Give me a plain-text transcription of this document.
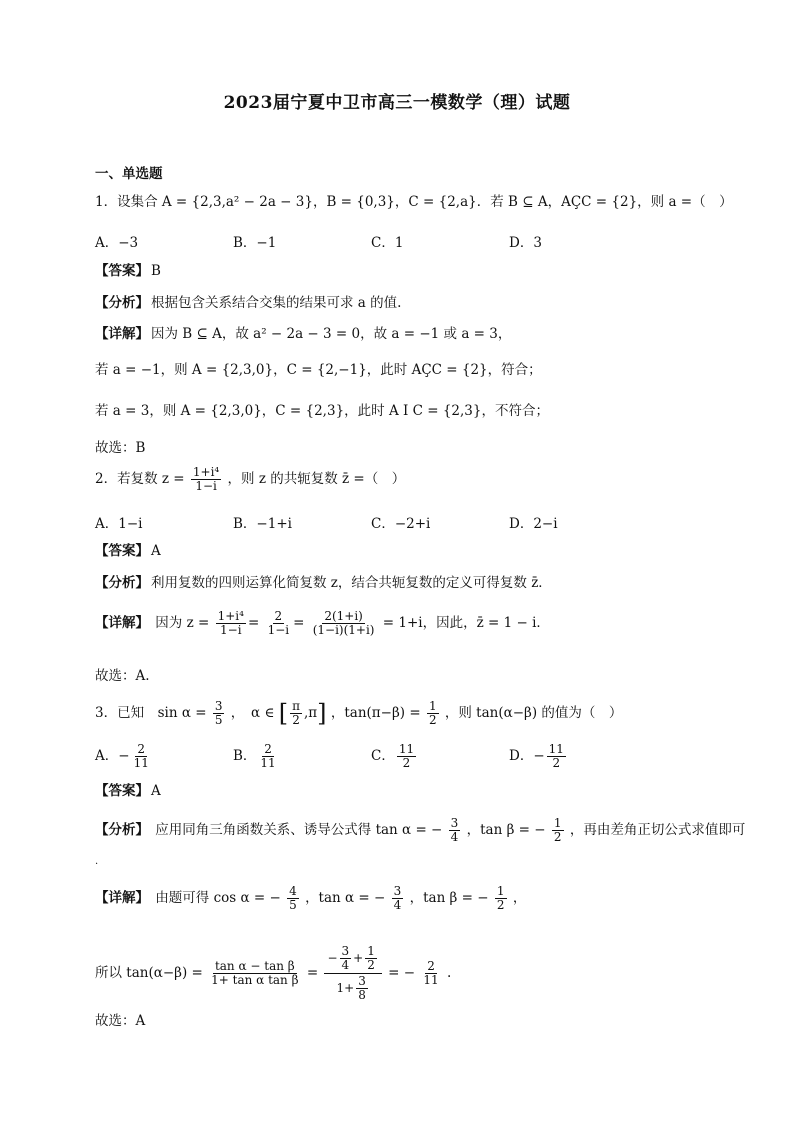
2023届宁夏中卫市高三一模数学（理）试题
一、单选题
1．设集合 A = {2,3,a² − 2a − 3}，B = {0,3}，C = {2,a}．若 B ⊆ A，AÇC = {2}，则 a =（　）
A．−3	B．−1	C．1	D．3
【答案】 B
【分析】 根据包含关系结合交集的结果可求 a 的值.
【详解】 因为 B ⊆ A，故 a² − 2a − 3 = 0，故 a = −1 或 a = 3，
若 a = −1，则 A = {2,3,0}，C = {2,−1}，此时 AÇC = {2}，符合；
若 a = 3，则 A = {2,3,0}，C = {2,3}，此时 A I C = {2,3}，不符合；
故选：B
2．若复数 $z = \frac{\text{1+i⁴}}{1-i}$ ，则 z 的共轭复数 z̄ =（　）
A．1−i	B．−1+i	C．−2+i	D．2−i
【答案】 A
【分析】 利用复数的四则运算化简复数 z，结合共轭复数的定义可得复数 z̄．
【详解】 因为 $z = \frac{\text{1+i⁴}}{1-i} = \frac{2}{1-i} = \frac{2(1+i)}{(1-i)(1+i)} = 1+i$，因此，z̄ = 1 − i．
故选：A.
3．已知　$\sin \alpha = \frac{3}{5}$ ，　α ∈ [ $\frac{\pi}{2} ,\pi$] ，$\tan(\pi-\beta) = \frac{1}{2}$ ，则 tan(α−β) 的值为（　）
A．− $\frac{2}{11}$	B． $\frac{2}{11}$	C． $\frac{11}{2}$	D．− $\frac{11}{2}$
【答案】 A
【分析】 应用同角三角函数关系、诱导公式得 tan α = − $\frac{3}{4}$ ，tan β = − $\frac{1}{2}$ ，再由差角正切公式求值即可
.
【详解】 由题可得 cos α = − $\frac{4}{5}$ ，tan α = − $\frac{3}{4}$ ，tan β = − $\frac{1}{2}$ ，
所以 $\tan(\alpha-\beta) = \frac{\text{tan α − tan β}}{\text{1+ tan α tan β}} = \frac{- \frac{3}{4} + \frac{1}{2}}{1+ \frac{3}{8}}$ = − $\frac{2}{11}$ .
故选：A
